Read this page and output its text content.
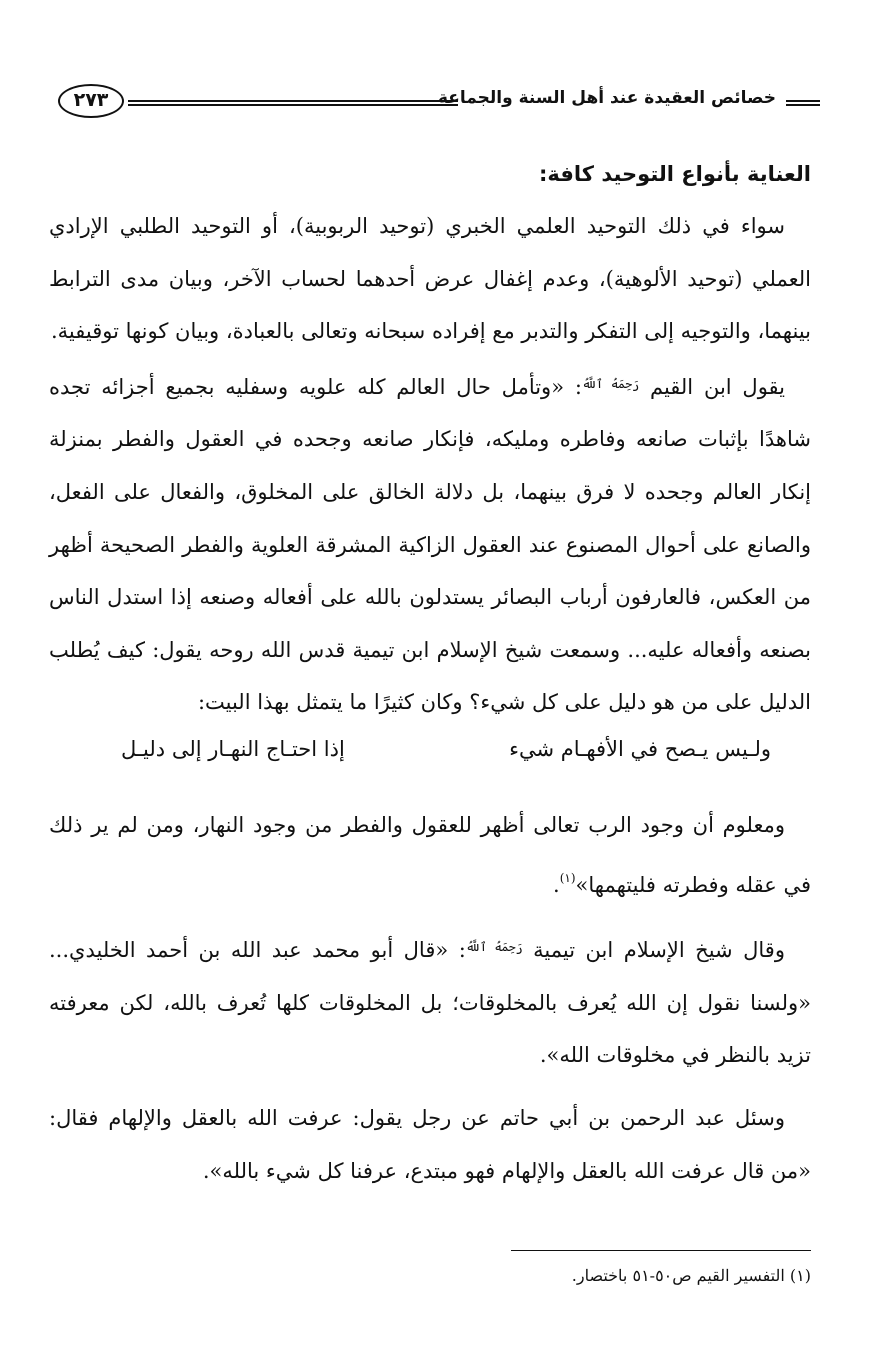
خصائص العقيدة عند أهل السنة والجماعة
٢٧٣

العناية بأنواع التوحيد كافة:

سواء في ذلك التوحيد العلمي الخبري (توحيد الربوبية)، أو التوحيد الطلبي الإرادي العملي (توحيد الألوهية)، وعدم إغفال عرض أحدهما لحساب الآخر، وبيان مدى الترابط بينهما، والتوجيه إلى التفكر والتدبر مع إفراده سبحانه وتعالى بالعبادة، وبيان كونها توقيفية.

يقول ابن القيم $^{رَحِمَهُ ٱللَّهُ}$: «وتأمل حال العالم كله علويه وسفليه بجميع أجزائه تجده شاهدًا بإثبات صانعه وفاطره ومليكه، فإنكار صانعه وجحده في العقول والفطر بمنزلة إنكار العالم وجحده لا فرق بينهما، بل دلالة الخالق على المخلوق، والفعال على الفعل، والصانع على أحوال المصنوع عند العقول الزاكية المشرقة العلوية والفطر الصحيحة أظهر من العكس، فالعارفون أرباب البصائر يستدلون بالله على أفعاله وصنعه إذا استدل الناس بصنعه وأفعاله عليه... وسمعت شيخ الإسلام ابن تيمية قدس الله روحه يقول: كيف يُطلب الدليل على من هو دليل على كل شيء؟ وكان كثيرًا ما يتمثل بهذا البيت:

ولـيس يـصح في الأفهـام شيء
إذا احتـاج النهـار إلى دليـل

ومعلوم أن وجود الرب تعالى أظهر للعقول والفطر من وجود النهار، ومن لم ير ذلك في عقله وفطرته فليتهمها»$^{(١)}$.

وقال شيخ الإسلام ابن تيمية $^{رَحِمَهُ ٱللَّهُ}$: «قال أبو محمد عبد الله بن أحمد الخليدي... «ولسنا نقول إن الله يُعرف بالمخلوقات؛ بل المخلوقات كلها تُعرف بالله، لكن معرفته تزيد بالنظر في مخلوقات الله».

وسئل عبد الرحمن بن أبي حاتم عن رجل يقول: عرفت الله بالعقل والإلهام فقال: «من قال عرفت الله بالعقل والإلهام فهو مبتدع، عرفنا كل شيء بالله».

(١) التفسير القيم ص٥٠-٥١ باختصار.
